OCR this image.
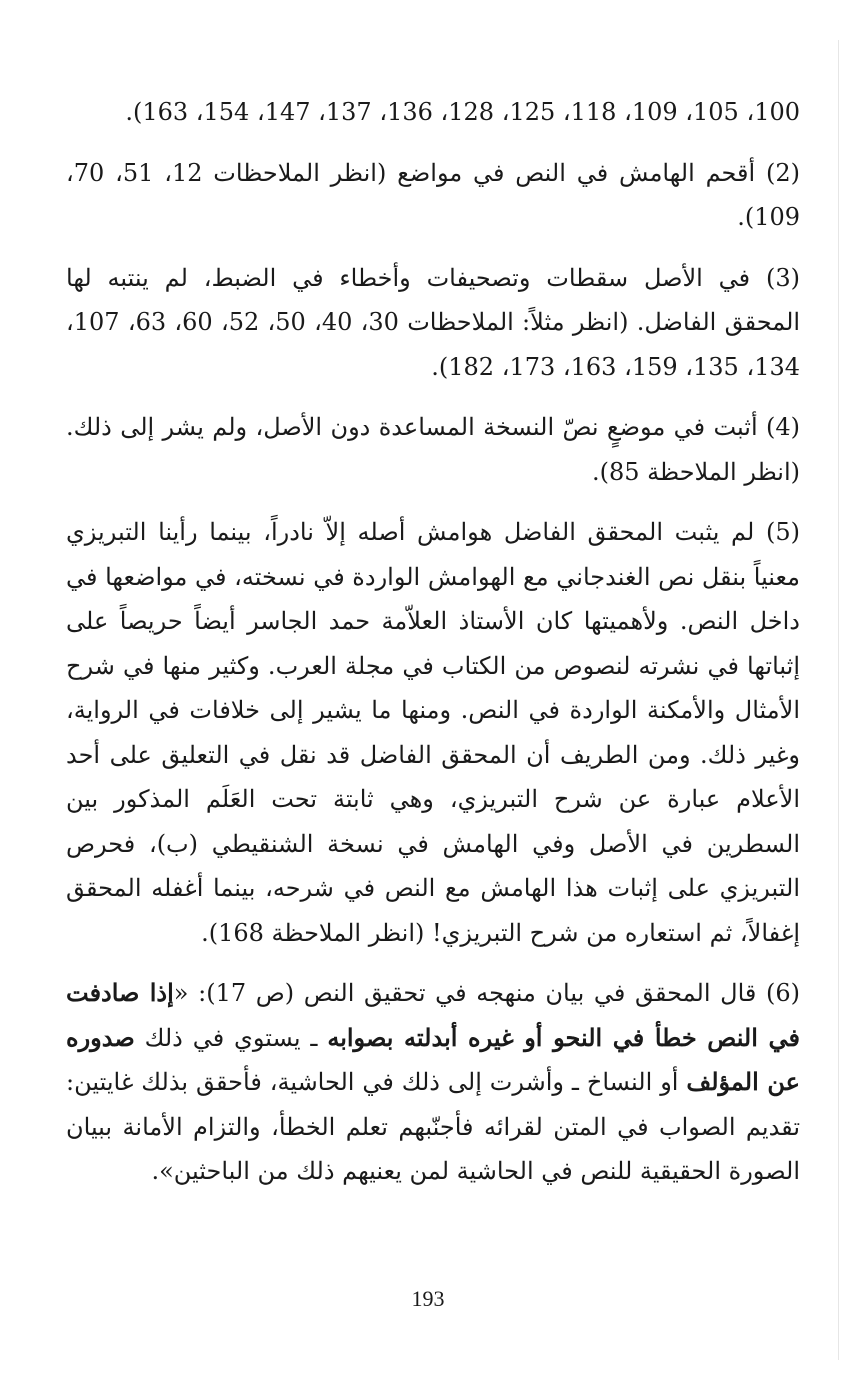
100، 105، 109، 118، 125، 128، 136، 137، 147، 154، 163).

(2) أقحم الهامش في النص في مواضع (انظر الملاحظات 12، 51، 70، 109).

(3) في الأصل سقطات وتصحيفات وأخطاء في الضبط، لم ينتبه لها المحقق الفاضل. (انظر مثلاً: الملاحظات 30، 40، 50، 52، 60، 63، 107، 134، 135، 159، 163، 173، 182).

(4) أثبت في موضعٍ نصّ النسخة المساعدة دون الأصل، ولم يشر إلى ذلك. (انظر الملاحظة 85).

(5) لم يثبت المحقق الفاضل هوامش أصله إلاّ نادراً، بينما رأينا التبريزي معنياً بنقل نص الغندجاني مع الهوامش الواردة في نسخته، في مواضعها في داخل النص. ولأهميتها كان الأستاذ العلاّمة حمد الجاسر أيضاً حريصاً على إثباتها في نشرته لنصوص من الكتاب في مجلة العرب. وكثير منها في شرح الأمثال والأمكنة الواردة في النص. ومنها ما يشير إلى خلافات في الرواية، وغير ذلك. ومن الطريف أن المحقق الفاضل قد نقل في التعليق على أحد الأعلام عبارة عن شرح التبريزي، وهي ثابتة تحت العَلَم المذكور بين السطرين في الأصل وفي الهامش في نسخة الشنقيطي (ب)، فحرص التبريزي على إثبات هذا الهامش مع النص في شرحه، بينما أغفله المحقق إغفالاً، ثم استعاره من شرح التبريزي! (انظر الملاحظة 168).

(6) قال المحقق في بيان منهجه في تحقيق النص (ص 17): «إذا صادفت في النص خطأ في النحو أو غيره أبدلته بصوابه ـ يستوي في ذلك صدوره عن المؤلف أو النساخ ـ وأشرت إلى ذلك في الحاشية، فأحقق بذلك غايتين: تقديم الصواب في المتن لقرائه فأجنّبهم تعلم الخطأ، والتزام الأمانة ببيان الصورة الحقيقية للنص في الحاشية لمن يعنيهم ذلك من الباحثين».

193
